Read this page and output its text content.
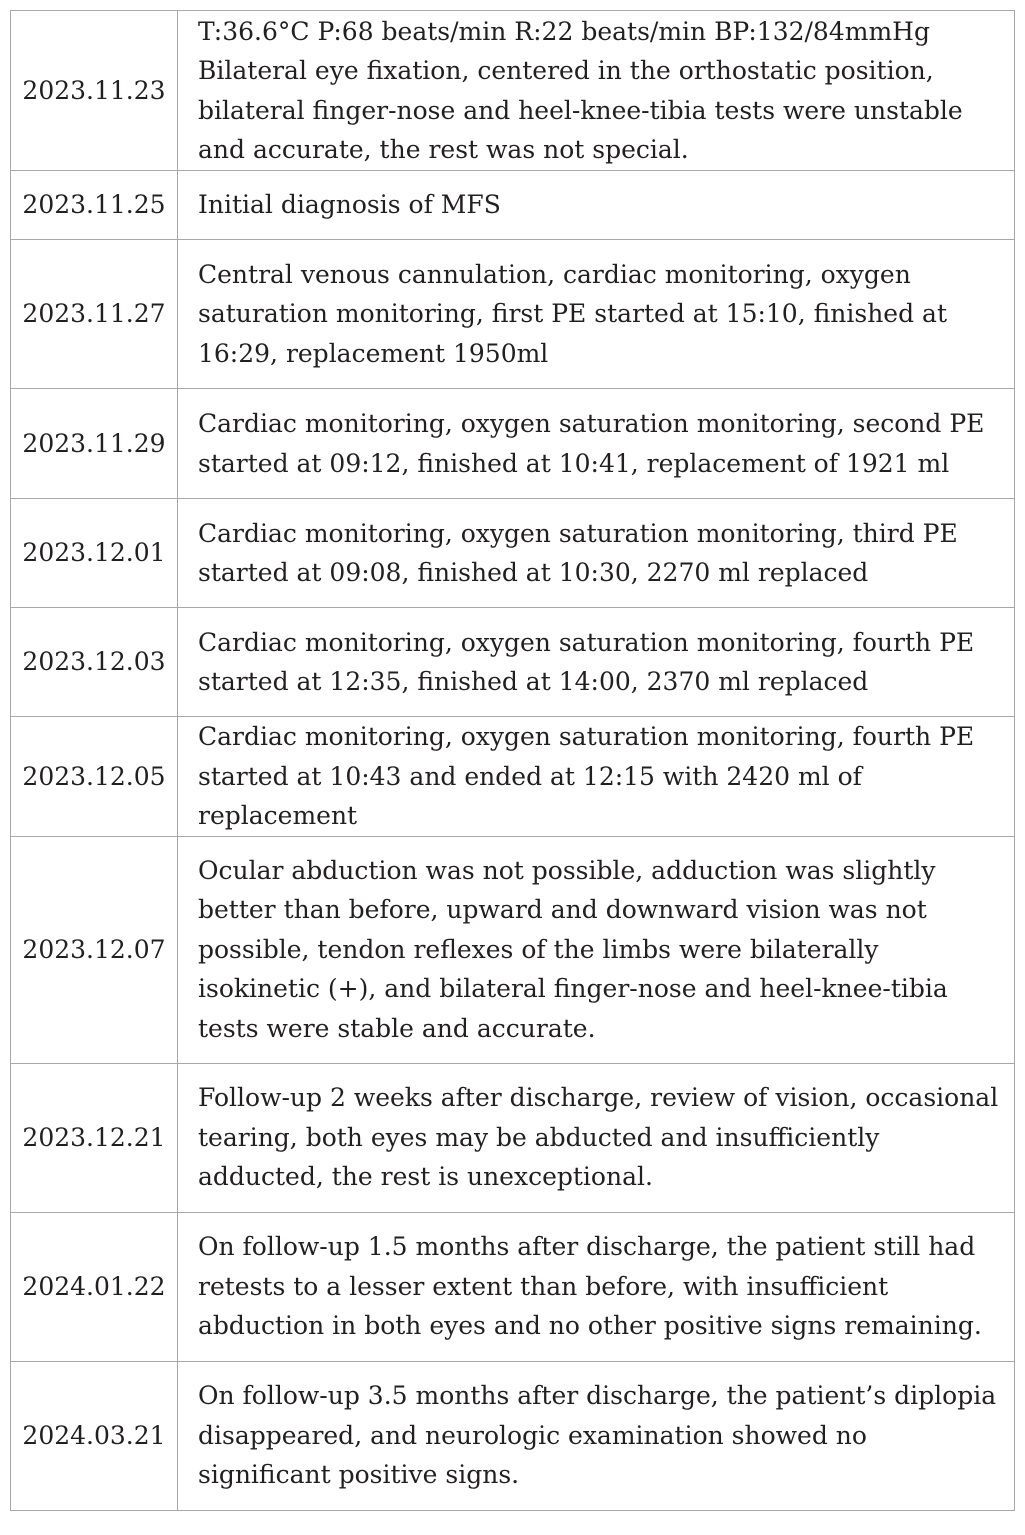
2023.11.23	T:36.6°C P:68 beats/min R:22 beats/min BP:132/84mmHg Bilateral eye fixation, centered in the orthostatic position, bilateral finger-nose and heel-knee-tibia tests were unstable and accurate, the rest was not special.
2023.11.25	Initial diagnosis of MFS
2023.11.27	Central venous cannulation, cardiac monitoring, oxygen saturation monitoring, first PE started at 15:10, finished at 16:29, replacement 1950ml
2023.11.29	Cardiac monitoring, oxygen saturation monitoring, second PE started at 09:12, finished at 10:41, replacement of 1921 ml
2023.12.01	Cardiac monitoring, oxygen saturation monitoring, third PE started at 09:08, finished at 10:30, 2270 ml replaced
2023.12.03	Cardiac monitoring, oxygen saturation monitoring, fourth PE started at 12:35, finished at 14:00, 2370 ml replaced
2023.12.05	Cardiac monitoring, oxygen saturation monitoring, fourth PE started at 10:43 and ended at 12:15 with 2420 ml of replacement
2023.12.07	Ocular abduction was not possible, adduction was slightly better than before, upward and downward vision was not possible, tendon reflexes of the limbs were bilaterally isokinetic (+), and bilateral finger-nose and heel-knee-tibia tests were stable and accurate.
2023.12.21	Follow-up 2 weeks after discharge, review of vision, occasional tearing, both eyes may be abducted and insufficiently adducted, the rest is unexceptional.
2024.01.22	On follow-up 1.5 months after discharge, the patient still had retests to a lesser extent than before, with insufficient abduction in both eyes and no other positive signs remaining.
2024.03.21	On follow-up 3.5 months after discharge, the patient’s diplopia disappeared, and neurologic examination showed no significant positive signs.
